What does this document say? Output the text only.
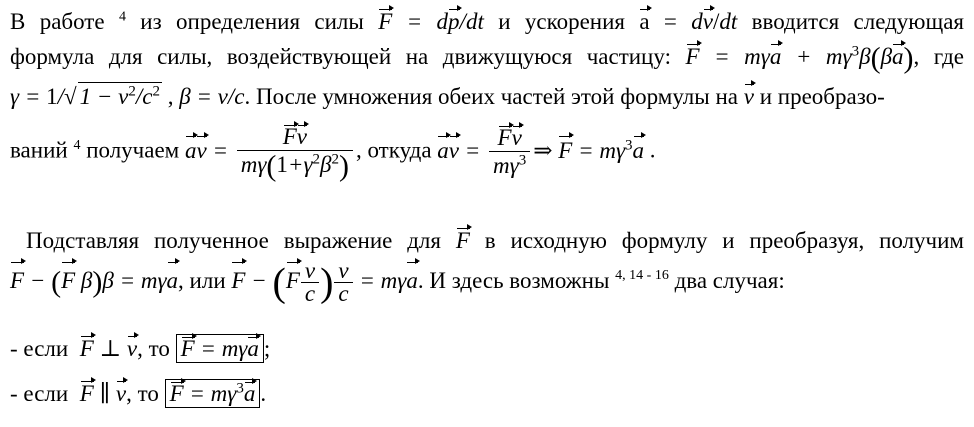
В работе $^4$ из определения силы F = dp/dt и ускорения a = dv/dt вводится следующая
формула для силы, воздействующей на движущуюся частицу: $F = m\gamma a + m\gamma^3\beta(\beta a)$, где
γ = 1/√ $1 - v^2/c^2$ , β = v/c. После умножения обеих частей этой формулы на v и преобразо-
ваний $^4$ получаем av = $\frac{Fv}{m\gamma(1+\gamma^2\beta^2)}$ , откуда av = $\frac{Fv}{m\gamma^3}$ ⇒ $F = m\gamma^3a$ .
Подставляя полученное выражение для F в исходную формулу и преобразуя, получим
F − (F β)β = mγa, или $F - (F \frac{v}{c}$ ) $\frac{v}{c} = m\gamma a$. И здесь возможны $^{4, 14 - 16}$ два случая:
- если F ⊥ v, то F = mγa ;
- если F ∥ v, то $F = m\gamma^3a$ .
